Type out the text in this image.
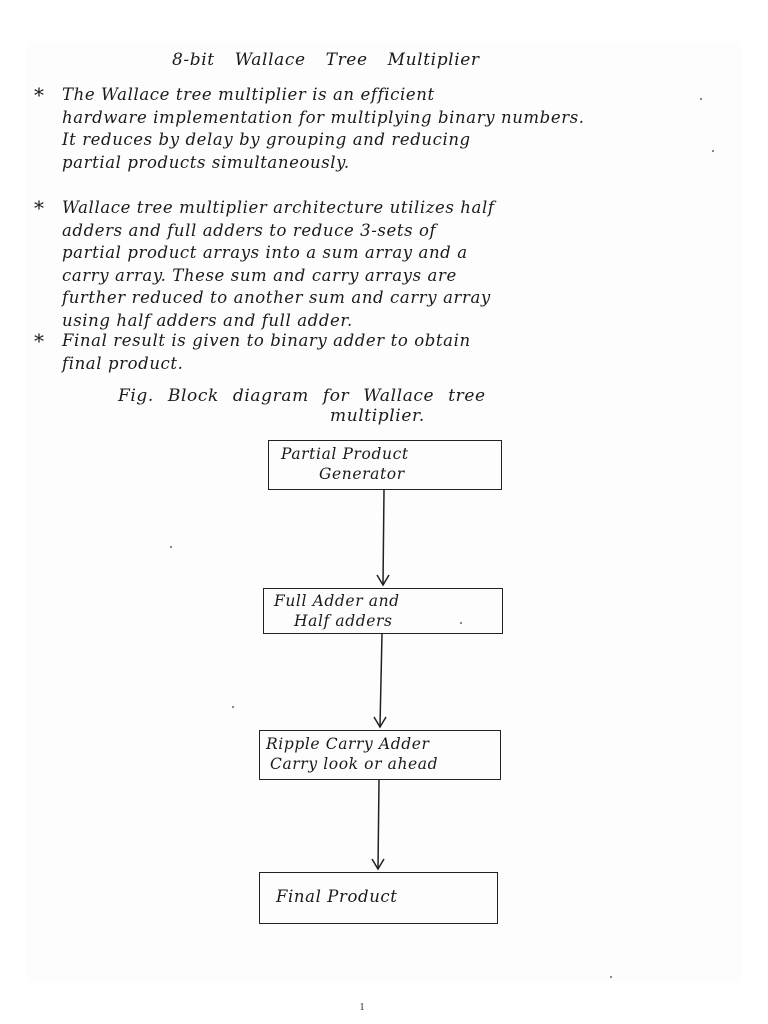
8-bit Wallace Tree Multiplier
*	The Wallace tree multiplier is an efficient
hardware implementation for multiplying binary numbers.
It reduces by delay by grouping and reducing
partial products simultaneously.
*	Wallace tree multiplier architecture utilizes half
adders and full adders to reduce 3-sets of
partial product arrays into a sum array and a
carry array. These sum and carry arrays are
further reduced to another sum and carry array
using half adders and full adder.
*	Final result is given to binary adder to obtain
final product.
Fig. Block diagram for Wallace tree
multiplier.
Partial Product
Generator
Full Adder and
Half adders
Ripple Carry Adder
Carry look or ahead
Final Product
1
